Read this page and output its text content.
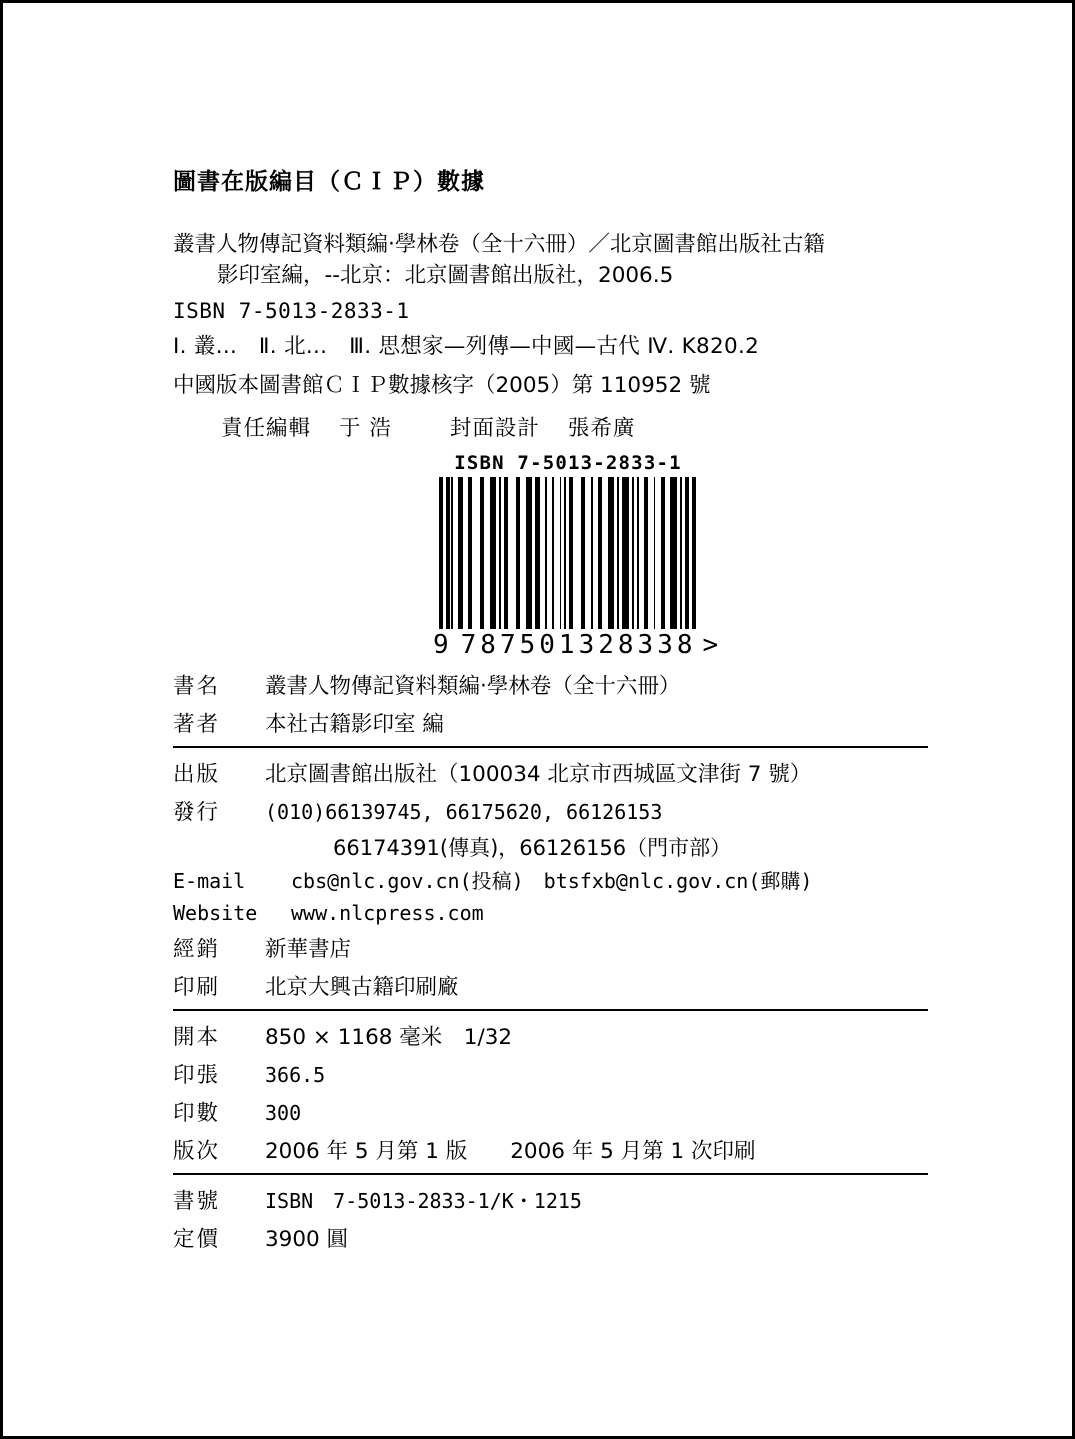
圖書在版編目（ＣＩＰ）數據
叢書人物傳記資料類編‧學林卷（全十六冊）／北京圖書館出版社古籍
影印室編，--北京：北京圖書館出版社，2006.5
ISBN 7-5013-2833-1
Ⅰ. 叢...　Ⅱ. 北...　Ⅲ. 思想家—列傳—中國—古代 Ⅳ. K820.2
中國版本圖書館ＣＩＰ數據核字（2005）第 110952 號
責任編輯 于 浩	封面設計 張希廣
ISBN 7-5013-2833-1
9 787501328338 >
書名	叢書人物傳記資料類編‧學林卷（全十六冊）
著者	本社古籍影印室 編
出版	北京圖書館出版社（100034 北京市西城區文津街 7 號）
發行	(010)66139745, 66175620, 66126153
66174391(傳真)，66126156（門市部）
E-mail	cbs@nlc.gov.cn(投稿)　btsfxb@nlc.gov.cn(郵購)
Website	www.nlcpress.com
經銷	新華書店
印刷	北京大興古籍印刷廠
開本	850 × 1168 毫米　1/32
印張	366.5
印數	300
版次	2006 年 5 月第 1 版　　2006 年 5 月第 1 次印刷
書號	ISBN　7-5013-2833-1/K・1215
定價	3900 圓
